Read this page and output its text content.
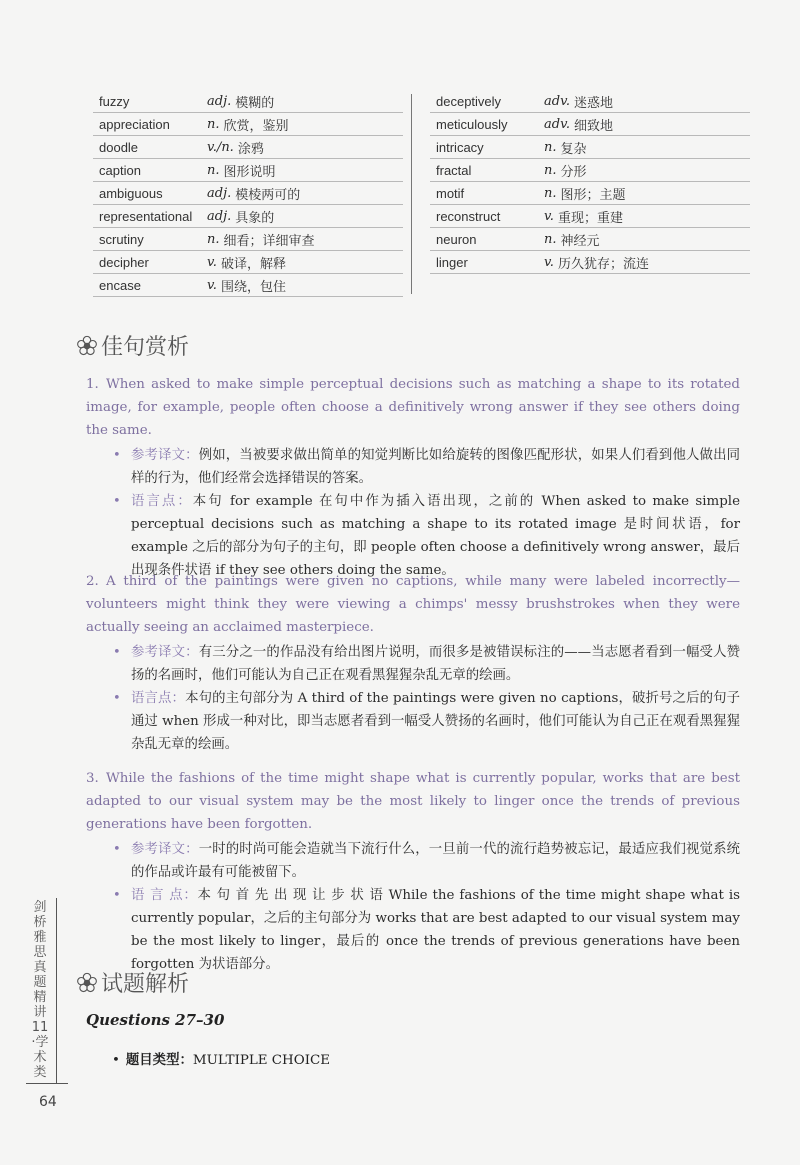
fuzzy	adj. 模糊的
appreciation	n. 欣赏，鉴别
doodle	v./n. 涂鸦
caption	n. 图形说明
ambiguous	adj. 模棱两可的
representational	adj. 具象的
scrutiny	n. 细看；详细审查
decipher	v. 破译，解释
encase	v. 围绕，包住
deceptively	adv. 迷惑地
meticulously	adv. 细致地
intricacy	n. 复杂
fractal	n. 分形
motif	n. 图形；主题
reconstruct	v. 重现；重建
neuron	n. 神经元
linger	v. 历久犹存；流连
佳句赏析
1. When asked to make simple perceptual decisions such as matching a shape to its rotated image, for example, people often choose a definitively wrong answer if they see others doing the same.
• 参考译文：例如，当被要求做出简单的知觉判断比如给旋转的图像匹配形状，如果人们看到他人做出同样的行为，他们经常会选择错误的答案。
• 语言点：本句 for example 在句中作为插入语出现，之前的 When asked to make simple perceptual decisions such as matching a shape to its rotated image 是时间状语，for example 之后的部分为句子的主句，即 people often choose a definitively wrong answer，最后出现条件状语 if they see others doing the same。
2. A third of the paintings were given no captions, while many were labeled incorrectly—volunteers might think they were viewing a chimps' messy brushstrokes when they were actually seeing an acclaimed masterpiece.
• 参考译文：有三分之一的作品没有给出图片说明，而很多是被错误标注的——当志愿者看到一幅受人赞扬的名画时，他们可能认为自己正在观看黑猩猩杂乱无章的绘画。
• 语言点：本句的主句部分为 A third of the paintings were given no captions，破折号之后的句子通过 when 形成一种对比，即当志愿者看到一幅受人赞扬的名画时，他们可能认为自己正在观看黑猩猩杂乱无章的绘画。
3. While the fashions of the time might shape what is currently popular, works that are best adapted to our visual system may be the most likely to linger once the trends of previous generations have been forgotten.
• 参考译文：一时的时尚可能会造就当下流行什么，一旦前一代的流行趋势被忘记，最适应我们视觉系统的作品或许最有可能被留下。
• 语 言 点：本 句 首 先 出 现 让 步 状 语 While the fashions of the time might shape what is currently popular，之后的主句部分为 works that are best adapted to our visual system may be the most likely to linger，最后的 once the trends of previous generations have been forgotten 为状语部分。
试题解析
Questions 27–30
• 题目类型：MULTIPLE CHOICE
剑桥雅思真题精讲11·学术类
64
